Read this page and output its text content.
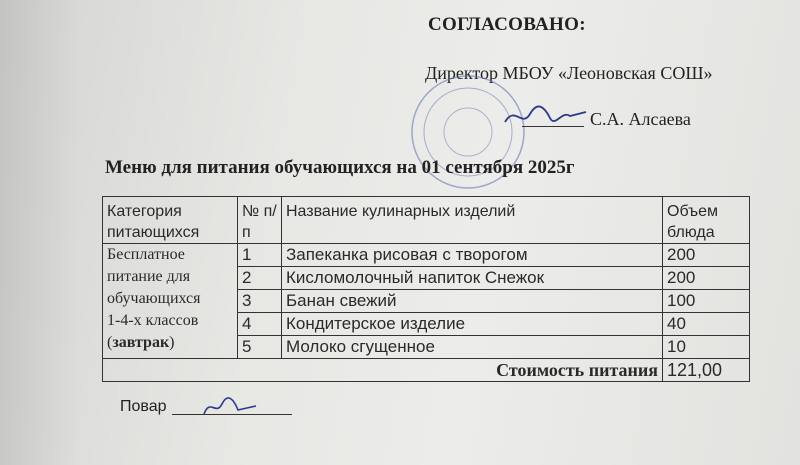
СОГЛАСОВАНО:
Директор МБОУ «Леоновская СОШ»
С.А. Алсаева
Меню для питания обучающихся на 01 сентября 2025г
Категория питающихся	№ п/п	Название кулинарных изделий	Объем блюда
Бесплатное
питание для
обучающихся
1-4-х классов
(завтрак)	1	Запеканка рисовая с творогом	200
	2	Кисломолочный напиток Снежок	200
	3	Банан свежий	100
	4	Кондитерское изделие	40
	5	Молоко сгущенное	10
Стоимость питания			121,00
Повар
